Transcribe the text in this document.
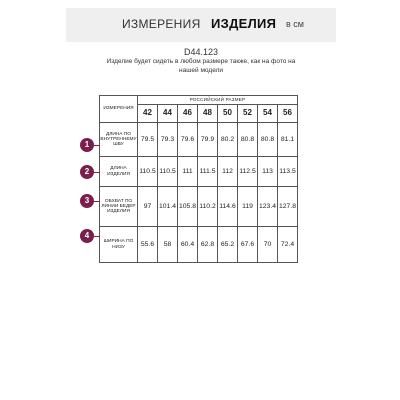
ИЗМЕРЕНИЯ ИЗДЕЛИЯ в см
D44.123
Изделие будет сидеть в любом размере также, как на фото на нашей модели
ИЗМЕРЕНИЯ	РОССИЙСКИЙ РАЗМЕР							
	42	44	46	48	50	52	54	56
ДЛИНА ПО ВНУТРЕННЕМУ ШВУ	79.5	79.3	79.6	79.9	80.2	80.8	80.8	81.1
ДЛИНА ИЗДЕЛИЯ	110.5	110.5	111	111.5	112	112.5	113	113.5
ОБХВАТ ПО ЛИНИИ БЕДЕР ИЗДЕЛИЯ	97	101.4	105.8	110.2	114.6	119	123.4	127.8
ШИРИНА ПО НИЗУ	55.6	58	60.4	62.8	65.2	67.6	70	72.4
1
2
3
4
